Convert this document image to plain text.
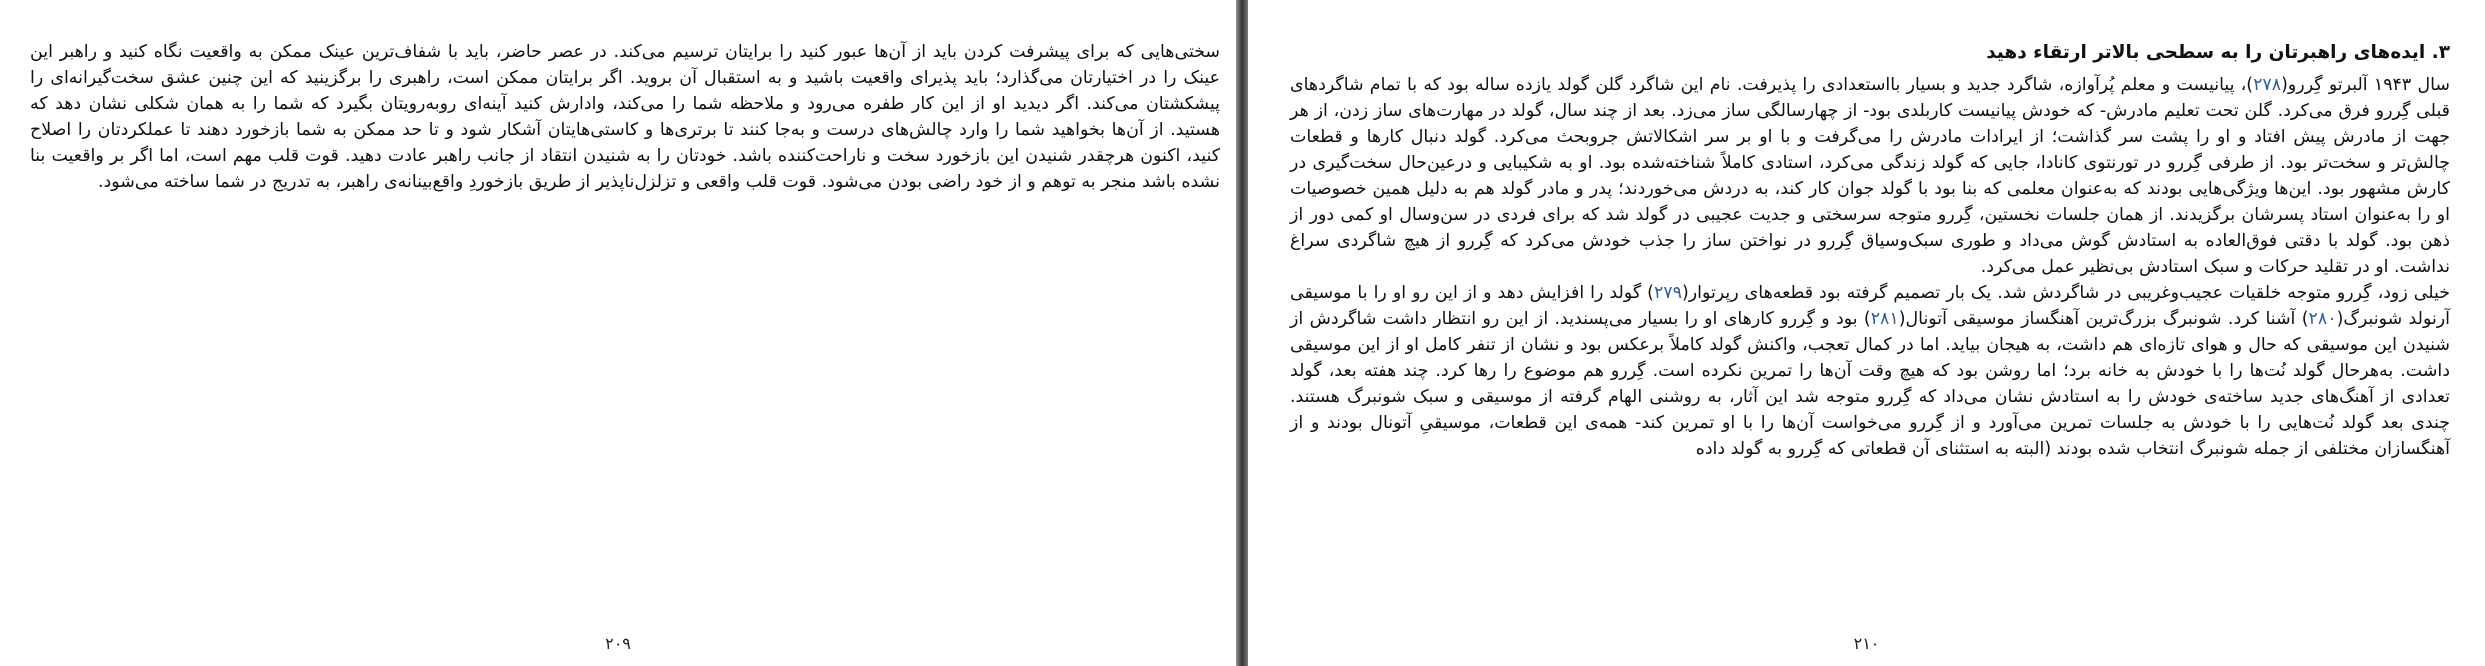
سختی‌هایی که برای پیشرفت کردن باید از آن‌ها عبور کنید را برایتان ترسیم می‌کند. در عصر حاضر، باید با شفاف‌ترین عینک ممکن به واقعیت نگاه کنید و راهبر این عینک را در اختیارتان می‌گذارد؛ باید پذیرای واقعیت باشید و به استقبال آن بروید. اگر برایتان ممکن است، راهبری را برگزینید که این چنین عشق سخت‌گیرانه‌ای را پیشکشتان می‌کند. اگر دیدید او از این کار طفره می‌رود و ملاحظه شما را می‌کند، وادارش کنید آینه‌ای روبه‌رویتان بگیرد که شما را به همان شکلی نشان دهد که هستید. از آن‌ها بخواهید شما را وارد چالش‌های درست و به‌جا کنند تا برتری‌ها و کاستی‌هایتان آشکار شود و تا حد ممکن به شما بازخورد دهند تا عملکردتان را اصلاح کنید، اکنون هرچقدر شنیدن این بازخورد سخت و ناراحت‌کننده باشد. خودتان را به شنیدن انتقاد از جانب راهبر عادت دهید. قوت قلب مهم است، اما اگر بر واقعیت بنا نشده باشد منجر به توهم و از خود راضی بودن می‌شود. قوت قلب واقعی و تزلزل‌ناپذیر از طریق بازخوردِ واقع‌بینانه‌ی راهبر، به تدریج در شما ساخته می‌شود.

۲۰۹
۳. ایده‌های راهبرتان را به سطحی بالاتر ارتقاء دهید

سال ۱۹۴۳ آلبرتو گِررو(۲۷۸)، پیانیست و معلم پُرآوازه، شاگرد جدید و بسیار بااستعدادی را پذیرفت. نام این شاگرد گلن گولد یازده ساله بود که با تمام شاگردهای قبلی گِررو فرق می‌کرد. گلن تحت تعلیم مادرش- که خودش پیانیست کاربلدی بود- از چهارسالگی ساز می‌زد. بعد از چند سال، گولد در مهارت‌های ساز زدن، از هر جهت از مادرش پیش افتاد و او را پشت سر گذاشت؛ از ایرادات مادرش را می‌گرفت و با او بر سر اشکالاتش جروبحث می‌کرد. گولد دنبال کارها و قطعات چالش‌تر و سخت‌تر بود. از طرفی گِررو در تورنتوی کانادا، جایی که گولد زندگی می‌کرد، استادی کاملاً شناخته‌شده بود. او به شکیبایی و درعین‌حال سخت‌گیری در کارش مشهور بود. این‌ها ویژگی‌هایی بودند که به‌عنوان معلمی که بنا بود با گولد جوان کار کند، به دردش می‌خوردند؛ پدر و مادر گولد هم به دلیل همین خصوصیات او را به‌عنوان استاد پسرشان برگزیدند. از همان جلسات نخستین، گِررو متوجه سرسختی و جدیت عجیبی در گولد شد که برای فردی در سن‌وسال او کمی دور از ذهن بود. گولد با دقتی فوق‌العاده به استادش گوش می‌داد و طوری سبک‌وسیاق گِررو در نواختن ساز را جذب خودش می‌کرد که گِررو از هیچ شاگردی سراغ نداشت. او در تقلید حرکات و سبک استادش بی‌نظیر عمل می‌کرد.

خیلی زود، گِررو متوجه خلقیات عجیب‌وغریبی در شاگردش شد. یک بار تصمیم گرفته بود قطعه‌های رپرتوار(۲۷۹) گولد را افزایش دهد و از این رو او را با موسیقی آرنولد شونبرگ(۲۸۰) آشنا کرد. شونبرگ بزرگ‌ترین آهنگساز موسیقی آتونال(۲۸۱) بود و گِررو کارهای او را بسیار می‌پسندید. از این رو انتظار داشت شاگردش از شنیدن این موسیقی که حال و هوای تازه‌ای هم داشت، به هیجان بیاید. اما در کمال تعجب، واکنش گولد کاملاً برعکس بود و نشان از تنفر کامل او از این موسیقی داشت. به‌هرحال گولد نُت‌ها را با خودش به خانه برد؛ اما روشن بود که هیچ وقت آن‌ها را تمرین نکرده است. گِررو هم موضوع را رها کرد. چند هفته بعد، گولد تعدادی از آهنگ‌های جدید ساخته‌ی خودش را به استادش نشان می‌داد که گِررو متوجه شد این آثار، به روشنی الهام گرفته از موسیقی و سبک شونبرگ هستند. چندی بعد گولد نُت‌هایی را با خودش به جلسات تمرین می‌آورد و از گِررو می‌خواست آن‌ها را با او تمرین کند- همه‌ی این قطعات، موسیقیِ آتونال بودند و از آهنگسازان مختلفی از جمله شونبرگ انتخاب شده بودند (البته به استثنای آن قطعاتی که گِررو به گولد داده

۲۱۰
